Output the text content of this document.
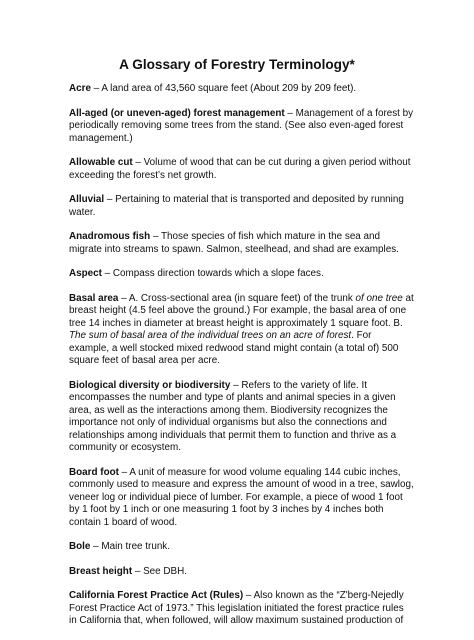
A Glossary of Forestry Terminology*

Acre – A land area of 43,560 square feet (About 209 by 209 feet).

All-aged (or uneven-aged) forest management – Management of a forest by periodically removing some trees from the stand. (See also even-aged forest management.)

Allowable cut – Volume of wood that can be cut during a given period without exceeding the forest’s net growth.

Alluvial – Pertaining to material that is transported and deposited by running water.

Anadromous fish – Those species of fish which mature in the sea and migrate into streams to spawn. Salmon, steelhead, and shad are examples.

Aspect – Compass direction towards which a slope faces.

Basal area – A. Cross-sectional area (in square feet) of the trunk of one tree at breast height (4.5 feel above the ground.) For example, the basal area of one tree 14 inches in diameter at breast height is approximately 1 square foot. B. The sum of basal area of the individual trees on an acre of forest. For example, a well stocked mixed redwood stand might contain (a total of) 500 square feet of basal area per acre.

Biological diversity or biodiversity – Refers to the variety of life. It encompasses the number and type of plants and animal species in a given area, as well as the interactions among them. Biodiversity recognizes the importance not only of individual organisms but also the connections and relationships among individuals that permit them to function and thrive as a community or ecosystem.

Board foot – A unit of measure for wood volume equaling 144 cubic inches, commonly used to measure and express the amount of wood in a tree, sawlog, veneer log or individual piece of lumber. For example, a piece of wood 1 foot by 1 foot by 1 inch or one measuring 1 foot by 3 inches by 4 inches both contain 1 board of wood.

Bole – Main tree trunk.

Breast height – See DBH.

California Forest Practice Act (Rules) – Also known as the “Z'berg-Nejedly Forest Practice Act of 1973.” This legislation initiated the forest practice rules in California that, when followed, will allow maximum sustained production of
